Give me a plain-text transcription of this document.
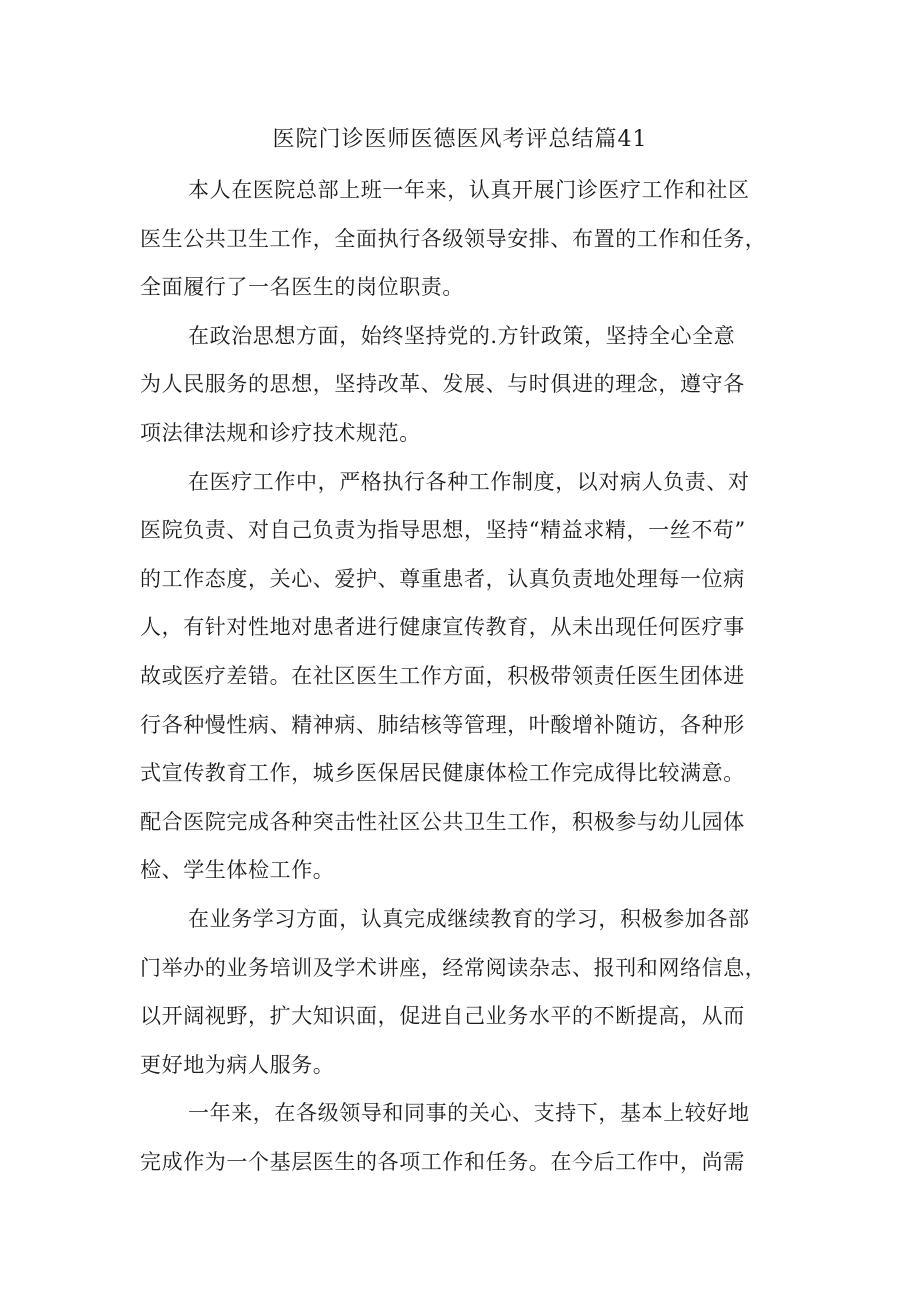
医院门诊医师医德医风考评总结篇41
本人在医院总部上班一年来，认真开展门诊医疗工作和社区
医生公共卫生工作，全面执行各级领导安排、布置的工作和任务，
全面履行了一名医生的岗位职责。
在政治思想方面，始终坚持党的.方针政策，坚持全心全意
为人民服务的思想，坚持改革、发展、与时俱进的理念，遵守各
项法律法规和诊疗技术规范。
在医疗工作中，严格执行各种工作制度，以对病人负责、对
医院负责、对自己负责为指导思想，坚持“精益求精，一丝不苟”
的工作态度，关心、爱护、尊重患者，认真负责地处理每一位病
人，有针对性地对患者进行健康宣传教育，从未出现任何医疗事
故或医疗差错。在社区医生工作方面，积极带领责任医生团体进
行各种慢性病、精神病、肺结核等管理，叶酸增补随访，各种形
式宣传教育工作，城乡医保居民健康体检工作完成得比较满意。
配合医院完成各种突击性社区公共卫生工作，积极参与幼儿园体
检、学生体检工作。
在业务学习方面，认真完成继续教育的学习，积极参加各部
门举办的业务培训及学术讲座，经常阅读杂志、报刊和网络信息，
以开阔视野，扩大知识面，促进自己业务水平的不断提高，从而
更好地为病人服务。
一年来，在各级领导和同事的关心、支持下，基本上较好地
完成作为一个基层医生的各项工作和任务。在今后工作中，尚需
